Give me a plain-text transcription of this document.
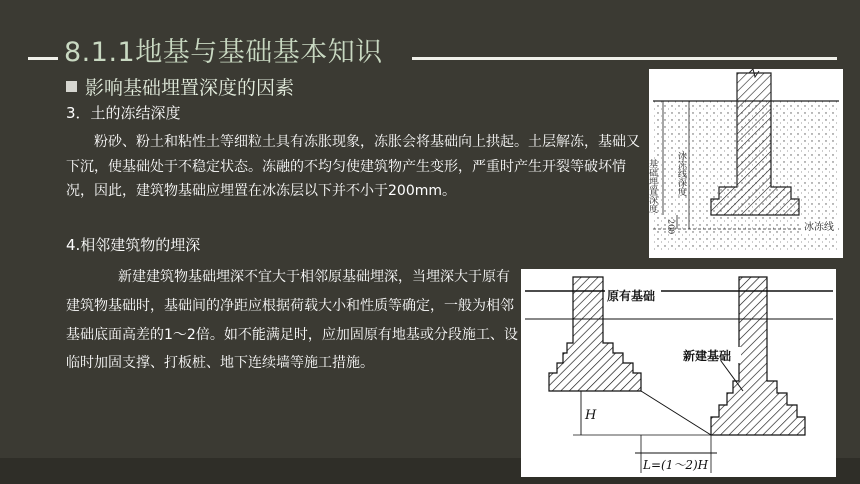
8.1.1地基与基础基本知识
影响基础埋置深度的因素
3．土的冻结深度
粉砂、粉土和粘性土等细粒土具有冻胀现象，冻胀会将基础向上拱起。土层解冻，基础又下沉，使基础处于不稳定状态。冻融的不均匀使建筑物产生变形，严重时产生开裂等破坏情况，因此，建筑物基础应埋置在冰冻层以下并不小于200mm。
4.相邻建筑物的埋深
新建建筑物基础埋深不宜大于相邻原基础埋深，当埋深大于原有建筑物基础时，基础间的净距应根据荷载大小和性质等确定，一般为相邻基础底面高差的1～2倍。如不能满足时，应加固原有地基或分段施工、设临时加固支撑、打板桩、地下连续墙等施工措施。
基础埋置深度 冰冻线深度
200	冰冻线
原有基础
新建基础
H
L=(1～2)H
